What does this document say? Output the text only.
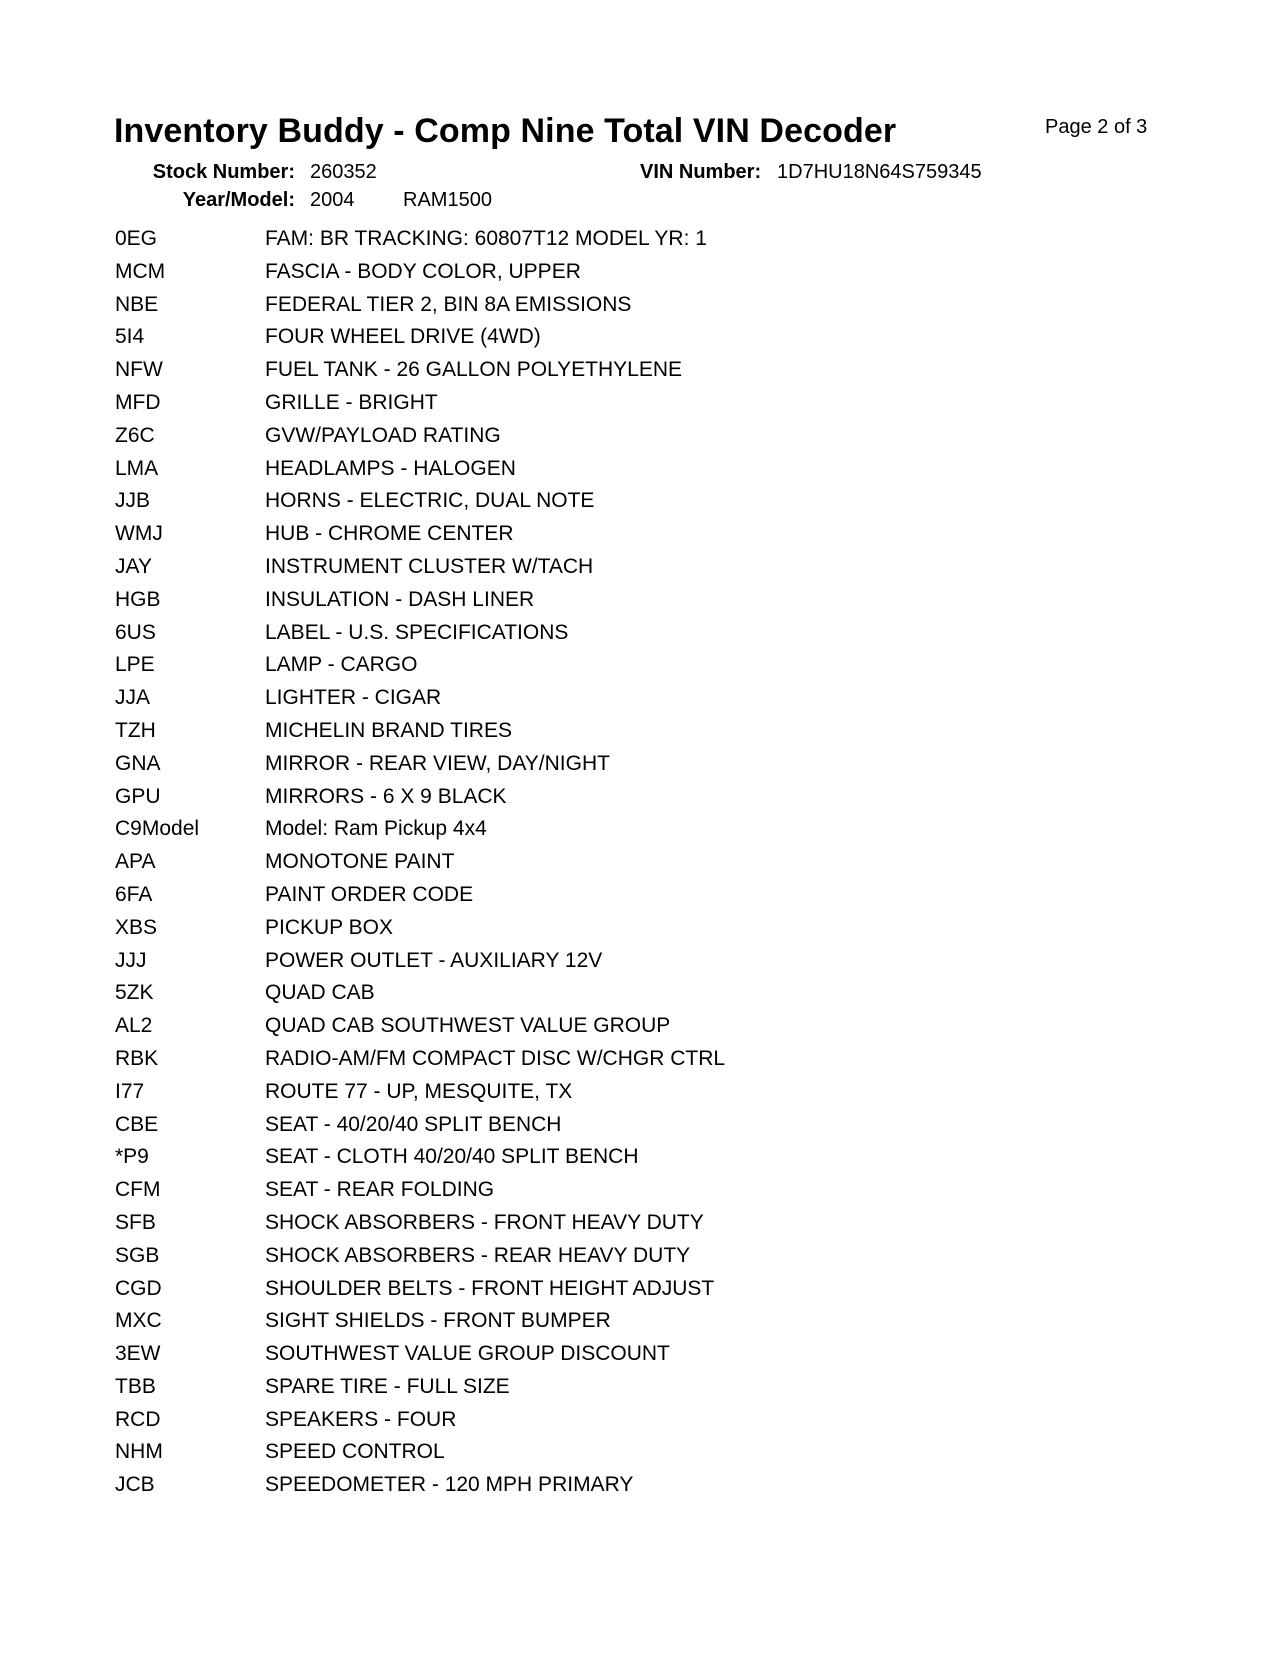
Inventory Buddy - Comp Nine Total VIN Decoder	Page 2 of 3
Stock Number: 260352	VIN Number: 1D7HU18N64S759345
Year/Model: 2004 RAM1500
0EG	FAM: BR TRACKING: 60807T12 MODEL YR: 1
MCM	FASCIA - BODY COLOR, UPPER
NBE	FEDERAL TIER 2, BIN 8A EMISSIONS
5I4	FOUR WHEEL DRIVE (4WD)
NFW	FUEL TANK - 26 GALLON POLYETHYLENE
MFD	GRILLE - BRIGHT
Z6C	GVW/PAYLOAD RATING
LMA	HEADLAMPS - HALOGEN
JJB	HORNS - ELECTRIC, DUAL NOTE
WMJ	HUB - CHROME CENTER
JAY	INSTRUMENT CLUSTER W/TACH
HGB	INSULATION - DASH LINER
6US	LABEL - U.S. SPECIFICATIONS
LPE	LAMP - CARGO
JJA	LIGHTER - CIGAR
TZH	MICHELIN BRAND TIRES
GNA	MIRROR - REAR VIEW, DAY/NIGHT
GPU	MIRRORS - 6 X 9 BLACK
C9Model	Model: Ram Pickup 4x4
APA	MONOTONE PAINT
6FA	PAINT ORDER CODE
XBS	PICKUP BOX
JJJ	POWER OUTLET - AUXILIARY 12V
5ZK	QUAD CAB
AL2	QUAD CAB SOUTHWEST VALUE GROUP
RBK	RADIO-AM/FM COMPACT DISC W/CHGR CTRL
I77	ROUTE 77 - UP, MESQUITE, TX
CBE	SEAT - 40/20/40 SPLIT BENCH
*P9	SEAT - CLOTH 40/20/40 SPLIT BENCH
CFM	SEAT - REAR FOLDING
SFB	SHOCK ABSORBERS - FRONT HEAVY DUTY
SGB	SHOCK ABSORBERS - REAR HEAVY DUTY
CGD	SHOULDER BELTS - FRONT HEIGHT ADJUST
MXC	SIGHT SHIELDS - FRONT BUMPER
3EW	SOUTHWEST VALUE GROUP DISCOUNT
TBB	SPARE TIRE - FULL SIZE
RCD	SPEAKERS - FOUR
NHM	SPEED CONTROL
JCB	SPEEDOMETER - 120 MPH PRIMARY
